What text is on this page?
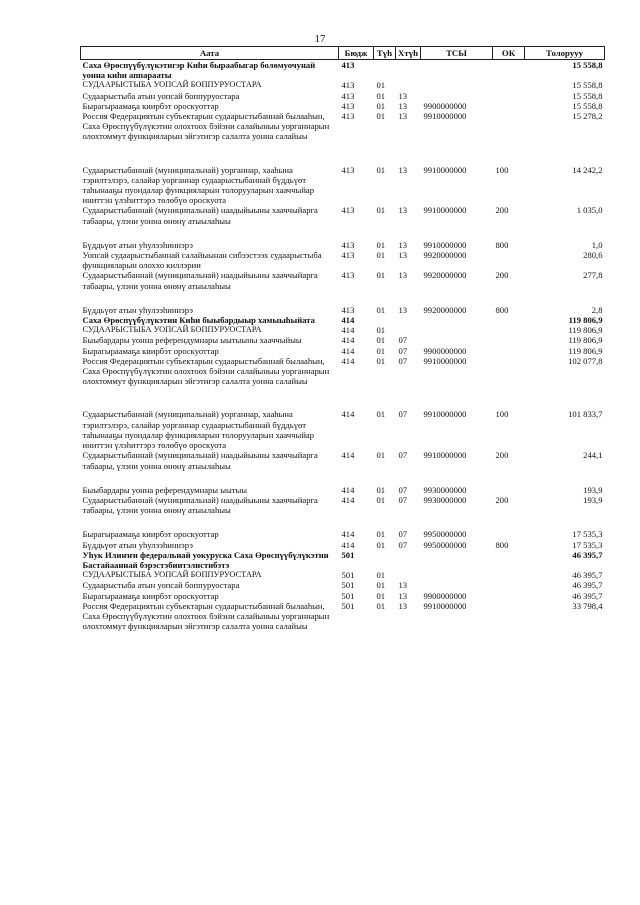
17
Аата	Бюдж	Түһ	Хтүһ	ТСЫ	ОК	Толорууу
Саха Өрөспүүбүлүкэтигэр Киһи быраабыгар болөмуочунай уонна киһи аппарааты	413					15 558,8
СУДААРЫСТЫБА УОПСАЙ БОППУРУОСТАРА	413	01				15 558,8
Судаарыстыба атын уопсай боппуруостара	413	01	13			15 558,8
Бырагыраамаҕа киирбэт ороскуоттар	413	01	13	9900000000		15 558,8
Россия Федерациятын субъектарын судаарыстыбаннай былаaһын, Саха Өрөспүүбүлүкэтин олохтоох бэйэни салайыныы уорганнарын олохтоммут функцияларын эйгэтигэр салалта уонна салайыы	413	01	13	9910000000		15 278,2

Судаарыстыбаннай (муниципальнай) уорганнар, хааһына тэрилтэлэрэ, салайар уорганнар судаарыстыбаннай бүддьүөт таһынааҕы пуондалар функцияларын толорууларын хааччыйар иниттэн үлэһиттэрэ төлөбүө ороскуота	413	01	13	9910000000	100	14 242,2
Судаарыстыбаннай (муниципальнай) наадыйыыны хааччыйарга табаары, үлэни уонна өнөнү атыылаһыы	413	01	13	9910000000	200	1 035,0

Бүддьүөт атын уһулээһиннэрэ	413	01	13	9910000000	800	1,0
Уопсай судаарыстыбаннай салайыынан сибээстээх судаарыстыба функцияларын олоххо киллэрии	413	01	13	9920000000		280,6
Судаарыстыбаннай (муниципальнай) наадыйыыны хааччыйарга табаары, үлэни уонна өнөнү атыылаһыы	413	01	13	9920000000	200	277,8

Бүддьүөт атын уһулээһиннэрэ	413	01	13	9920000000	800	2,8
Саха Өрөспүүбүлүкэтин Киһи быыбардыыр хамыыһыйата	414					119 806,9
СУДААРЫСТЫБА УОПСАЙ БОППУРУОСТАРА	414	01				119 806,9
Быыбардары уонна референдумнары ыытыыны хааччыйыы	414	01	07			119 806,9
Бырагыраамаҕа киирбэт ороскуоттар	414	01	07	9900000000		119 806,9
Россия Федерациятын субъектарын судаарыстыбаннай былаaһын, Саха Өрөспүүбүлүкэтин олохтоох бэйэни салайыныы уорганнарын олохтоммут функцияларын эйгэтигэр салалта уонна салайыы	414	01	07	9910000000		102 077,8

Судаарыстыбаннай (муниципальнай) уорганнар, хааһына тэрилтэлэрэ, салайар уорганнар судаарыстыбаннай бүддьүөт таһынааҕы пуондалар функцияларын толорууларын хааччыйар иниттэн үлэһиттэрэ төлөбүө ороскуота	414	01	07	9910000000	100	101 833,7
Судаарыстыбаннай (муниципальнай) наадыйыыны хааччыйарга табаары, үлэни уонна өнөнү атыылаһыы	414	01	07	9910000000	200	244,1

Быыбардары уонна референдумнары ыытыы	414	01	07	9930000000		193,9
Судаарыстыбаннай (муниципальнай) наадыйыыны хааччыйарга табаары, үлэни уонна өнөнү атыылаһыы	414	01	07	9930000000	200	193,9

Бырагыраамаҕа киирбэт ороскуоттар	414	01	07	9950000000		17 535,3
Бүддьүөт атын уһулээһиннэрэ	414	01	07	9950000000	800	17 535,3
Уһук Илиҥҥи федеральнай уокуруска Саха Өрөспүүбүлүкэтин Бастайааннай бэрэстэбиитэлистибэтэ	501					46 395,7
СУДААРЫСТЫБА УОПСАЙ БОППУРУОСТАРА	501	01				46 395,7
Судаарыстыба атын уопсай боппуруостара	501	01	13			46 395,7
Бырагыраамаҕа киирбэт ороскуоттар	501	01	13	9900000000		46 395,7
Россия Федерациятын субъектарын судаарыстыбаннай былаaһын, Саха Өрөспүүбүлүкэтин олохтоох бэйэни салайыныы уорганнарын олохтоммут функцияларын эйгэтигэр салалта уонна салайыы	501	01	13	9910000000		33 798,4
